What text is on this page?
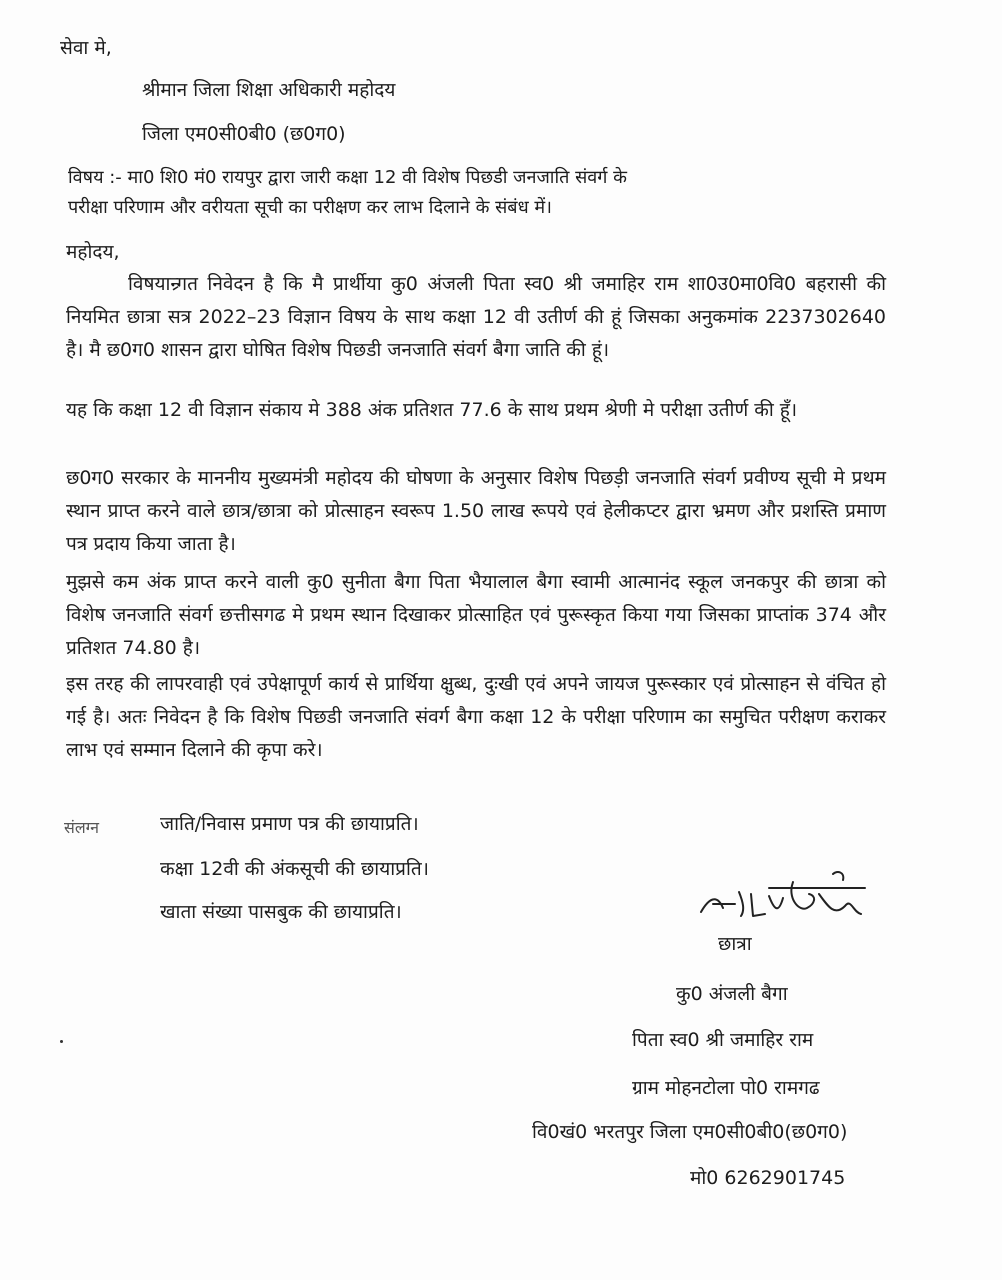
सेवा मे,
श्रीमान जिला शिक्षा अधिकारी महोदय
जिला एम0सी0बी0 (छ0ग0)
विषय :- मा0 शि0 मं0 रायपुर द्वारा जारी कक्षा 12 वी विशेष पिछडी जनजाति संवर्ग के
परीक्षा परिणाम और वरीयता सूची का परीक्षण कर लाभ दिलाने के संबंध में।
महोदय,
विषयान्र्गत निवेदन है कि मै प्रार्थीया कु0 अंजली पिता स्व0 श्री जमाहिर राम शा0उ0मा0वि0 बहरासी की नियमित छात्रा सत्र 2022–23 विज्ञान विषय के साथ कक्षा 12 वी उतीर्ण की हूं जिसका अनुकमांक 2237302640 है। मै छ0ग0 शासन द्वारा घोषित विशेष पिछडी जनजाति संवर्ग बैगा जाति की हूं।
यह कि कक्षा 12 वी विज्ञान संकाय मे 388 अंक प्रतिशत 77.6 के साथ प्रथम श्रेणी मे परीक्षा उतीर्ण की हूँ।
छ0ग0 सरकार के माननीय मुख्यमंत्री महोदय की घोषणा के अनुसार विशेष पिछड़ी जनजाति संवर्ग प्रवीण्य सूची मे प्रथम स्थान प्राप्त करने वाले छात्र/छात्रा को प्रोत्साहन स्वरूप 1.50 लाख रूपये एवं हेलीकप्टर द्वारा भ्रमण और प्रशस्ति प्रमाण पत्र प्रदाय किया जाता है।
मुझसे कम अंक प्राप्त करने वाली कु0 सुनीता बैगा पिता भैयालाल बैगा स्वामी आत्मानंद स्कूल जनकपुर की छात्रा को विशेष जनजाति संवर्ग छत्तीसगढ मे प्रथम स्थान दिखाकर प्रोत्साहित एवं पुरूस्कृत किया गया जिसका प्राप्तांक 374 और प्रतिशत 74.80 है।
इस तरह की लापरवाही एवं उपेक्षापूर्ण कार्य से प्रार्थिया क्षुब्ध, दुःखी एवं अपने जायज पुरूस्कार एवं प्रोत्साहन से वंचित हो गई है। अतः निवेदन है कि विशेष पिछडी जनजाति संवर्ग बैगा कक्षा 12 के परीक्षा परिणाम का समुचित परीक्षण कराकर लाभ एवं सम्मान दिलाने की कृपा करे।
संलग्न	जाति/निवास प्रमाण पत्र की छायाप्रति।
कक्षा 12वी की अंकसूची की छायाप्रति।
खाता संख्या पासबुक की छायाप्रति।
छात्रा
कु0 अंजली बैगा
पिता स्व0 श्री जमाहिर राम
ग्राम मोहनटोला पो0 रामगढ
वि0खं0 भरतपुर जिला एम0सी0बी0(छ0ग0)
मो0 6262901745
